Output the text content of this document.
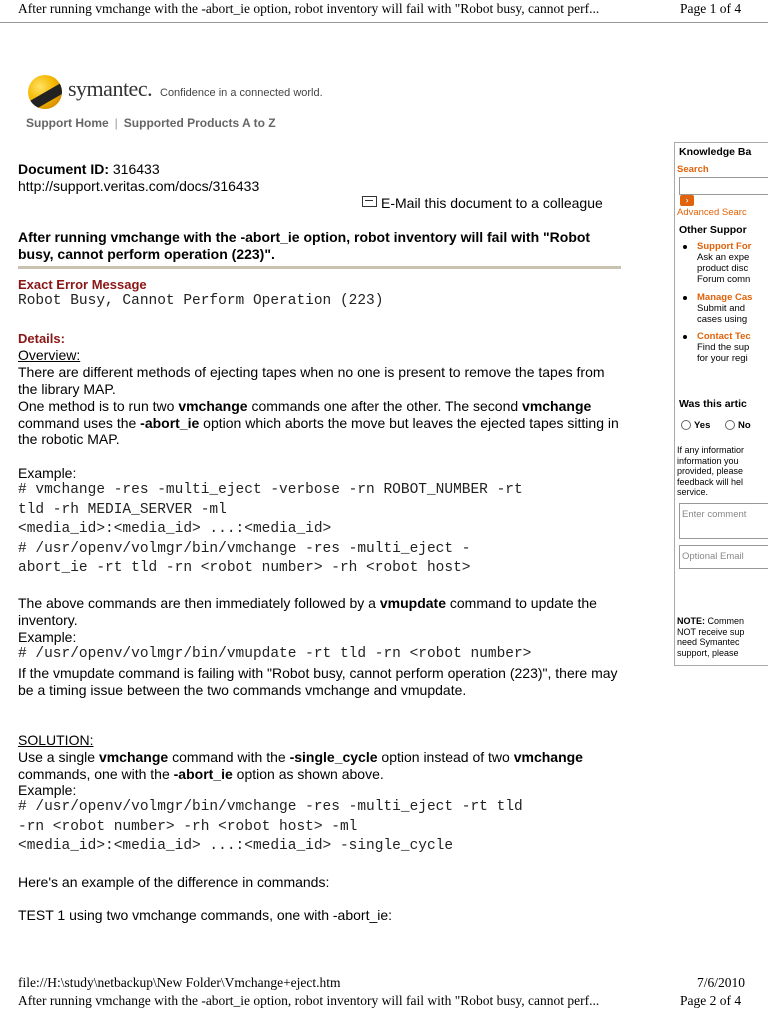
After running vmchange with the -abort_ie option, robot inventory will fail with "Robot busy, cannot perf...	Page 1 of 4
symantec. Confidence in a connected world.
Support Home | Supported Products A to Z
Document ID: 316433
http://support.veritas.com/docs/316433
E-Mail this document to a colleague
After running vmchange with the -abort_ie option, robot inventory will fail with "Robot busy, cannot perform operation (223)".
Exact Error Message
Robot Busy, Cannot Perform Operation (223)
Details:
Overview:
There are different methods of ejecting tapes when no one is present to remove the tapes from the library MAP.
One method is to run two vmchange commands one after the other. The second vmchange command uses the -abort_ie option which aborts the move but leaves the ejected tapes sitting in the robotic MAP.
Example:
# vmchange -res -multi_eject -verbose -rn ROBOT_NUMBER -rt
tld -rh MEDIA_SERVER -ml
<media_id>:<media_id> ...:<media_id>
# /usr/openv/volmgr/bin/vmchange -res -multi_eject -
abort_ie -rt tld -rn <robot number> -rh <robot host>
The above commands are then immediately followed by a vmupdate command to update the inventory.
Example:
# /usr/openv/volmgr/bin/vmupdate -rt tld -rn <robot number>
If the vmupdate command is failing with "Robot busy, cannot perform operation (223)", there may be a timing issue between the two commands vmchange and vmupdate.
SOLUTION:
Use a single vmchange command with the -single_cycle option instead of two vmchange commands, one with the -abort_ie option as shown above.
Example:
# /usr/openv/volmgr/bin/vmchange -res -multi_eject -rt tld
-rn <robot number> -rh <robot host> -ml
<media_id>:<media_id> ...:<media_id> -single_cycle
Here's an example of the difference in commands:
TEST 1 using two vmchange commands, one with -abort_ie:
file://H:\study\netbackup\New Folder\Vmchange+eject.htm	7/6/2010
After running vmchange with the -abort_ie option, robot inventory will fail with "Robot busy, cannot perf...	Page 2 of 4
Knowledge Ba
Search
›
Advanced Searc
Other Suppor
Support For
Ask an expe
product disc
Forum comn
Manage Cas
Submit and
cases using
Contact Tec
Find the sup
for your regi
Was this artic
Yes	No
If any informatior
information you
provided, please
feedback will hel
service.
Enter comment
Optional Email
NOTE: Commen
NOT receive sup
need Symantec
support, please
